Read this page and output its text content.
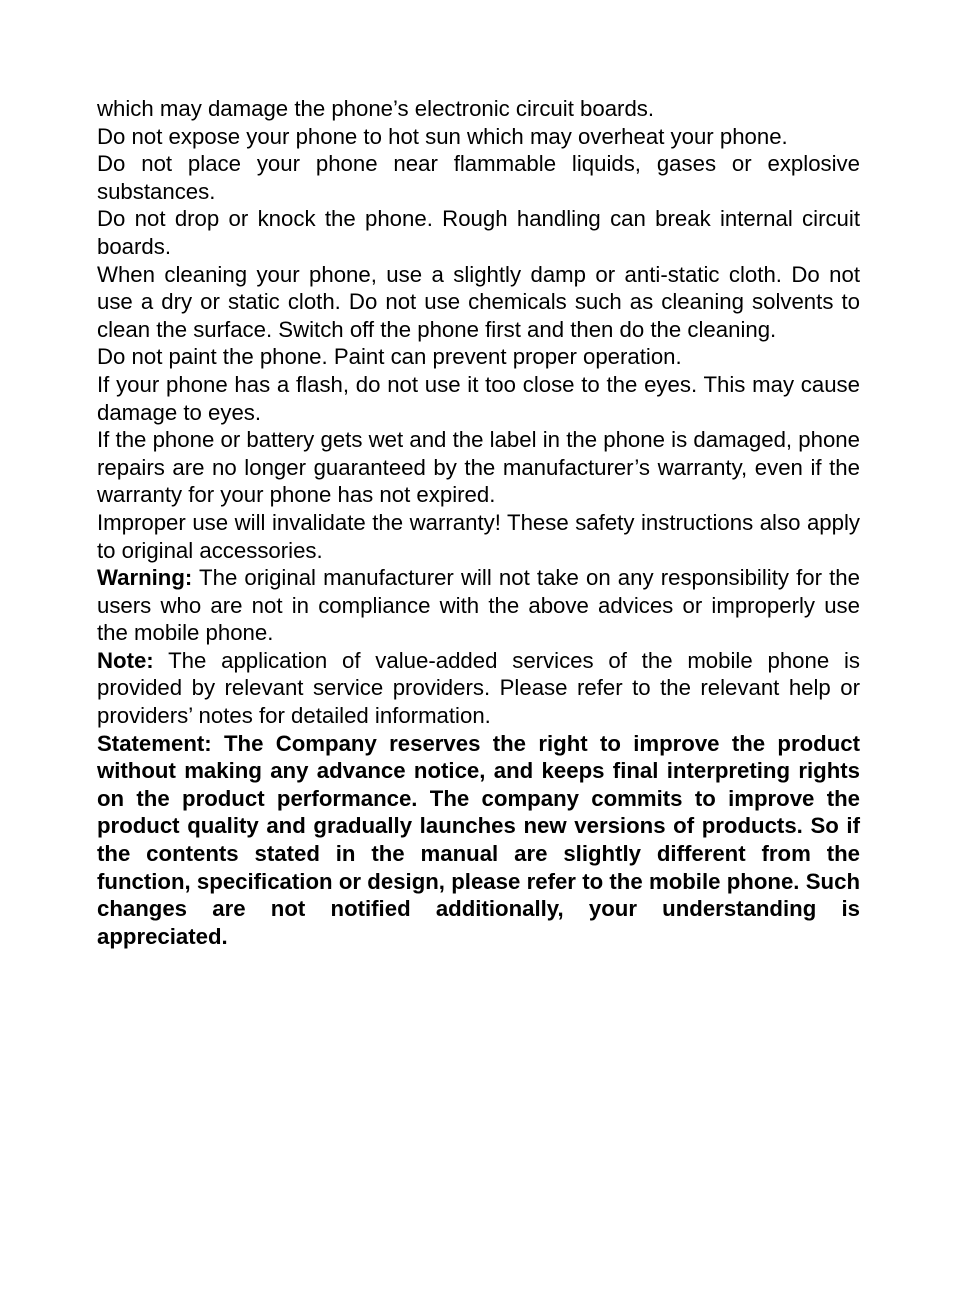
which may damage the phone’s electronic circuit boards.

Do not expose your phone to hot sun which may overheat your phone.

Do not place your phone near flammable liquids, gases or explosive substances.

Do not drop or knock the phone. Rough handling can break internal circuit boards.

When cleaning your phone, use a slightly damp or anti-static cloth. Do not use a dry or static cloth. Do not use chemicals such as cleaning solvents to clean the surface. Switch off the phone first and then do the cleaning.

Do not paint the phone. Paint can prevent proper operation.

If your phone has a flash, do not use it too close to the eyes. This may cause damage to eyes.

If the phone or battery gets wet and the label in the phone is damaged, phone repairs are no longer guaranteed by the manufacturer’s warranty, even if the warranty for your phone has not expired.

Improper use will invalidate the warranty! These safety instructions also apply to original accessories.

Warning: The original manufacturer will not take on any responsibility for the users who are not in compliance with the above advices or improperly use the mobile phone.

Note: The application of value-added services of the mobile phone is provided by relevant service providers. Please refer to the relevant help or providers’ notes for detailed information.

Statement: The Company reserves the right to improve the product without making any advance notice, and keeps final interpreting rights on the product performance. The company commits to improve the product quality and gradually launches new versions of products. So if the contents stated in the manual are slightly different from the function, specification or design, please refer to the mobile phone. Such changes are not notified additionally, your understanding is appreciated.
